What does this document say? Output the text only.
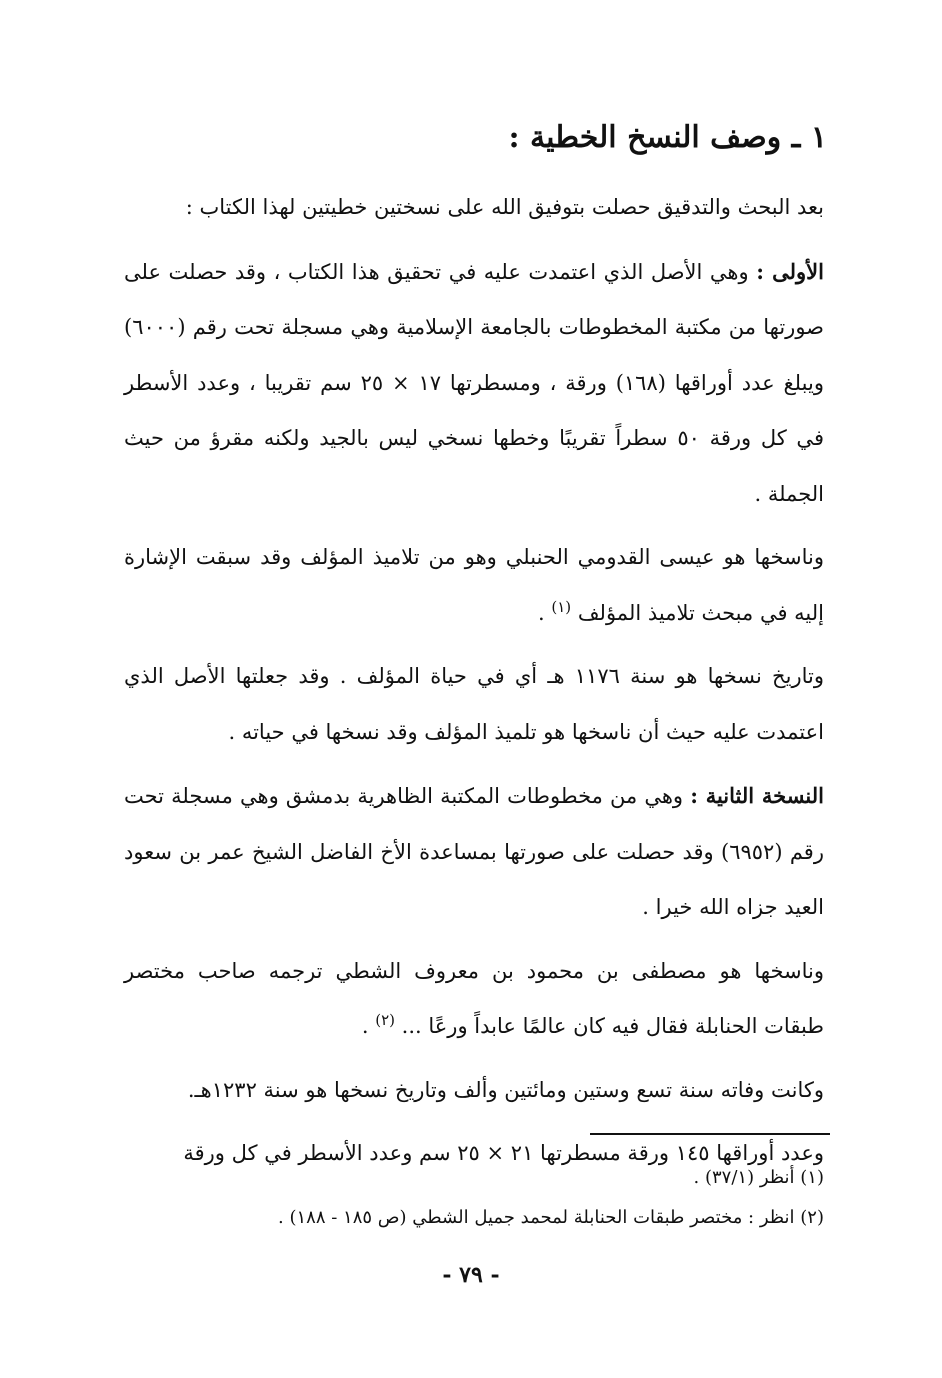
١ ـ وصف النسخ الخطية :

بعد البحث والتدقيق حصلت بتوفيق الله على نسختين خطيتين لهذا الكتاب :

الأولى : وهي الأصل الذي اعتمدت عليه في تحقيق هذا الكتاب ، وقد حصلت على صورتها من مكتبة المخطوطات بالجامعة الإسلامية وهي مسجلة تحت رقم (٦٠٠٠) ويبلغ عدد أوراقها (١٦٨) ورقة ، ومسطرتها ١٧ × ٢٥ سم تقريبا ، وعدد الأسطر في كل ورقة ٥٠ سطراً تقريبًا وخطها نسخي ليس بالجيد ولكنه مقرؤ من حيث الجملة .

وناسخها هو عيسى القدومي الحنبلي وهو من تلاميذ المؤلف وقد سبقت الإشارة إليه في مبحث تلاميذ المؤلف $^{(١)}$ .

وتاريخ نسخها هو سنة ١١٧٦ هـ أي في حياة المؤلف . وقد جعلتها الأصل الذي اعتمدت عليه حيث أن ناسخها هو تلميذ المؤلف وقد نسخها في حياته .

النسخة الثانية : وهي من مخطوطات المكتبة الظاهرية بدمشق وهي مسجلة تحت رقم (٦٩٥٢) وقد حصلت على صورتها بمساعدة الأخ الفاضل الشيخ عمر بن سعود العيد جزاه الله خيرا .

وناسخها هو مصطفى بن محمود بن معروف الشطي ترجمه صاحب مختصر طبقات الحنابلة فقال فيه كان عالمًا عابداً ورعًا ... $^{(٢)}$ .

وكانت وفاته سنة تسع وستين ومائتين وألف وتاريخ نسخها هو سنة ١٢٣٢هـ.

وعدد أوراقها ١٤٥ ورقة مسطرتها ٢١ × ٢٥ سم وعدد الأسطر في كل ورقة

(١) أنظر (٣٧/١) .

(٢) انظر : مختصر طبقات الحنابلة لمحمد جميل الشطي (ص ١٨٥ - ١٨٨) .

- ٧٩ -
